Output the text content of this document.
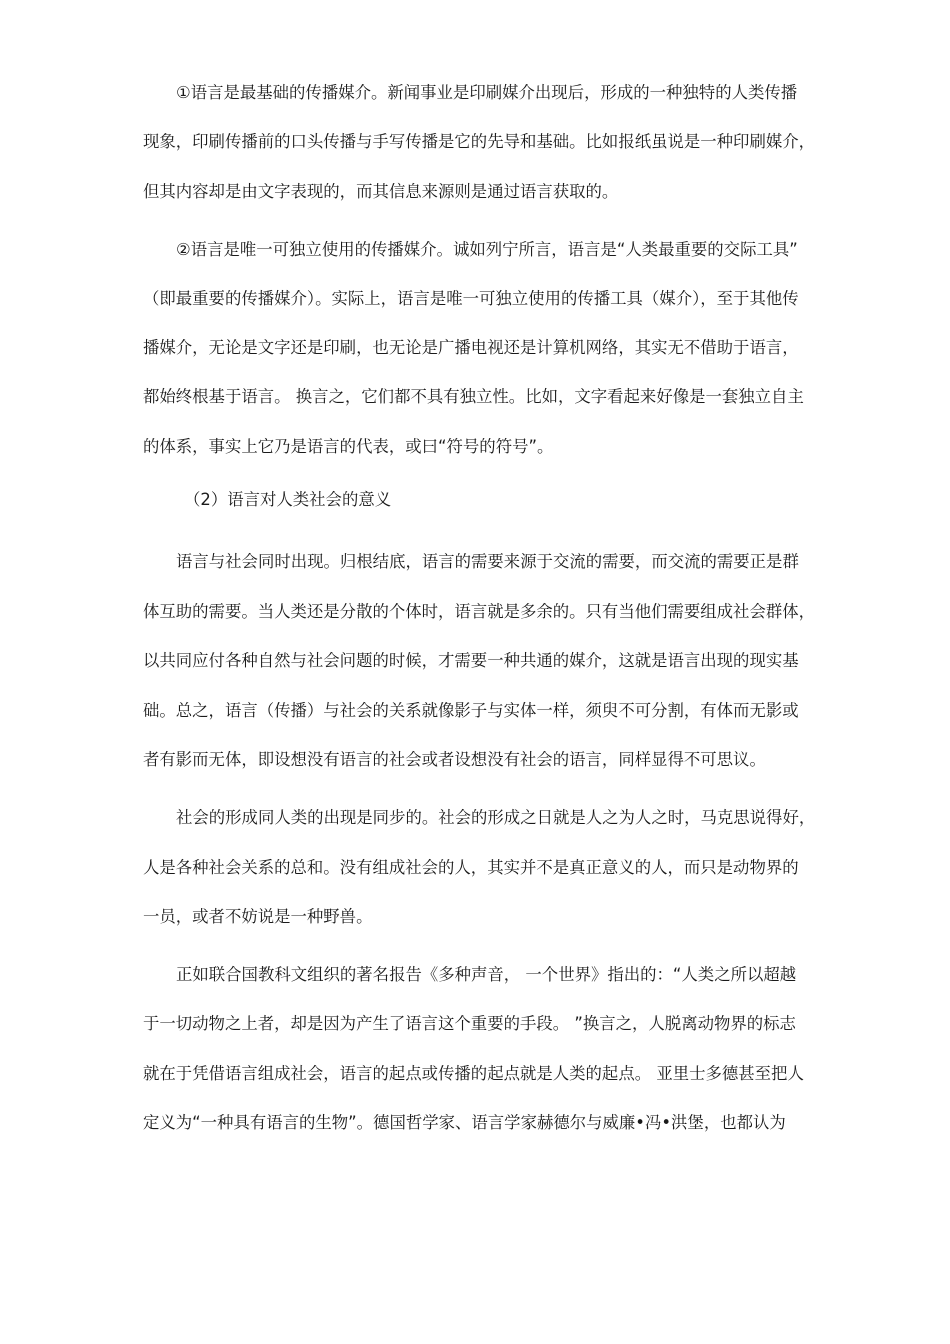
①语言是最基础的传播媒介。新闻事业是印刷媒介出现后，形成的一种独特的人类传播
现象，印刷传播前的口头传播与手写传播是它的先导和基础。比如报纸虽说是一种印刷媒介，
但其内容却是由文字表现的，而其信息来源则是通过语言获取的。
②语言是唯一可独立使用的传播媒介。诚如列宁所言，语言是“人类最重要的交际工具”
（即最重要的传播媒介）。实际上，语言是唯一可独立使用的传播工具（媒介），至于其他传
播媒介，无论是文字还是印刷，也无论是广播电视还是计算机网络，其实无不借助于语言，
都始终根基于语言。 换言之，它们都不具有独立性。比如，文字看起来好像是一套独立自主
的体系，事实上它乃是语言的代表，或曰“符号的符号”。
（2）语言对人类社会的意义
语言与社会同时出现。归根结底，语言的需要来源于交流的需要，而交流的需要正是群
体互助的需要。当人类还是分散的个体时，语言就是多余的。只有当他们需要组成社会群体，
以共同应付各种自然与社会问题的时候，才需要一种共通的媒介，这就是语言出现的现实基
础。总之，语言（传播）与社会的关系就像影子与实体一样，须臾不可分割，有体而无影或
者有影而无体，即设想没有语言的社会或者设想没有社会的语言，同样显得不可思议。
社会的形成同人类的出现是同步的。社会的形成之日就是人之为人之时，马克思说得好，
人是各种社会关系的总和。没有组成社会的人，其实并不是真正意义的人，而只是动物界的
一员，或者不妨说是一种野兽。
正如联合国教科文组织的著名报告《多种声音， 一个世界》指出的：“人类之所以超越
于一切动物之上者，却是因为产生了语言这个重要的手段。 ”换言之，人脱离动物界的标志
就在于凭借语言组成社会，语言的起点或传播的起点就是人类的起点。 亚里士多德甚至把人
定义为“一种具有语言的生物”。德国哲学家、语言学家赫德尔与威廉•冯•洪堡，也都认为
